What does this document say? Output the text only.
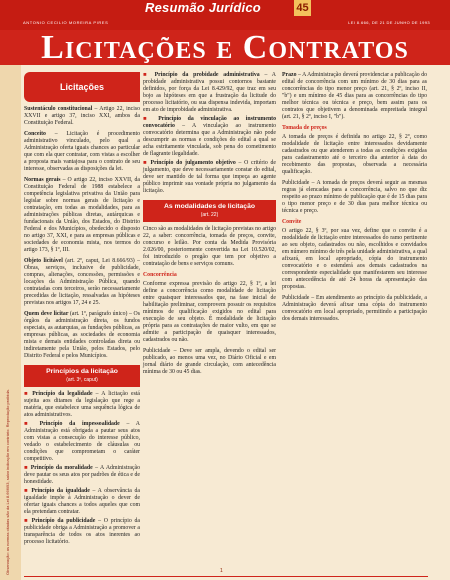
Resumão Jurídico	45
ANTONIO CECILIO MOREIRA PIRES	LEI 8.666, DE 21 DE JUNHO DE 1993
Licitações e Contratos
Observação: as normas citadas são da Lei 8.666/93, salvo indicação em contrário. Reprodução proibida.
Licitações
Sustentáculo constitucional – Artigo 22, inciso XXVII e artigo 37, inciso XXI, ambos da Constituição Federal.
Conceito – Licitação é procedimento administrativo vinculado, pelo qual a Administração oferta iguais chances ao particular que com ela quer contratar, com vistas a escolher a proposta mais vantajosa para o contrato de seu interesse, observadas as disposições da lei.
Normas gerais – O artigo 22, inciso XXVII, da Constituição Federal de 1988 estabelece a competência legislativa privativa da União para legislar sobre normas gerais de licitação e contratação, em todas as modalidades, para as administrações públicas diretas, autárquicas e fundacionais da União, dos Estados, do Distrito Federal e dos Municípios, obedecido o disposto no artigo 37, XXI, e para as empresas públicas e sociedades de economia mista, nos termos do artigo 173, § 1º, III.
Objeto licitável (art. 2º, caput, Lei 8.666/93) – Obras, serviços, inclusive de publicidade, compras, alienações, concessões, permissões e locações da Administração Pública, quando contratadas com terceiros, serão necessariamente precedidas de licitação, ressalvadas as hipóteses previstas nos artigos 17, 24 e 25.
Quem deve licitar (art. 1º, parágrafo único) – Os órgãos da administração direta, os fundos especiais, as autarquias, as fundações públicas, as empresas públicas, as sociedades de economia mista e demais entidades controladas direta ou indiretamente pela União, pelos Estados, pelo Distrito Federal e pelos Municípios.
Princípios da licitação
(art. 3º, caput)
■ Princípio da legalidade – A licitação está sujeita aos ditames da legislação que rege a matéria, que estabelece uma sequência lógica de atos administrativos.
■ Princípio da impessoalidade – A Administração está obrigada a pautar seus atos com vistas a consecução do interesse público, vedado o estabelecimento de cláusulas ou condições que comprometam o caráter competitivo.
■ Princípio da moralidade – A Administração deve pautar os seus atos por padrões de ética e de honestidade.
■ Princípio da igualdade – A observância da igualdade impõe à Administração o dever de ofertar iguais chances a todos aqueles que com ela pretendam contratar.
■ Princípio da publicidade – O princípio da publicidade obriga a Administração a promover a transparência de todos os atos inerentes ao processo licitatório.
■ Princípio da probidade administrativa – A probidade administrativa possui contornos bastante definidos, por força da Lei 8.429/92, que traz em seu bojo as hipóteses em que a frustração da licitude do processo licitatório, ou sua dispensa indevida, importam em ato de improbidade administrativa.
■ Princípio da vinculação ao instrumento convocatório – A vinculação ao instrumento convocatório determina que a Administração não pode descumprir as normas e condições do edital a qual se acha estritamente vinculada, sob pena do cometimento de flagrante ilegalidade.
■ Princípio do julgamento objetivo – O critério de julgamento, que deve necessariamente constar do edital, deve ser mantido de tal forma que impeça ao agente público imprimir sua vontade própria no julgamento da licitação.
As modalidades de licitação
(art. 22)
Cinco são as modalidades de licitação previstas no artigo 22, a saber: concorrência, tomada de preços, convite, concurso e leilão. Por conta da Medida Provisória 2.026/00, posteriormente convertida na Lei 10.520/02, foi introduzido o pregão que tem por objetivo a contratação de bens e serviços comuns.
Concorrência
Conforme expressa previsão do artigo 22, § 1º, a lei define a concorrência como modalidade de licitação entre quaisquer interessados que, na fase inicial de habilitação preliminar, comprovem possuir os requisitos mínimos de qualificação exigidos no edital para execução de seu objeto. É modalidade de licitação própria para as contratações de maior vulto, em que se admite a participação de quaisquer interessados, cadastrados ou não.
Publicidade – Deve ser ampla, devendo o edital ser publicado, ao menos uma vez, no Diário Oficial e em jornal diário de grande circulação, com antecedência mínima de 30 ou 45 dias.
Prazo – A Administração deverá providenciar a publicação do edital de concorrência com um mínimo de 30 dias para as concorrências do tipo menor preço (art. 21, § 2º, inciso II, "b") e um mínimo de 45 dias para as concorrências do tipo melhor técnica ou técnica e preço, bem assim para os contratos que objetivem a denominada empreitada integral (art. 21, § 2º, inciso I, "b").
Tomada de preços
A tomada de preços é definida no artigo 22, § 2º, como modalidade de licitação entre interessados devidamente cadastrados ou que atenderem a todas as condições exigidas para cadastramento até o terceiro dia anterior à data do recebimento das propostas, observada a necessária qualificação.
Publicidade – A tomada de preços deverá seguir as mesmas regras já elencadas para a concorrência, salvo no que diz respeito ao prazo mínimo de publicação que é de 15 dias para o tipo menor preço e de 30 dias para melhor técnica ou técnica e preço.
Convite
O artigo 22, § 3º, por sua vez, define que o convite é a modalidade de licitação entre interessados do ramo pertinente ao seu objeto, cadastrados ou não, escolhidos e convidados em número mínimo de três pela unidade administrativa, a qual afixará, em local apropriado, cópia do instrumento convocatório e o estenderá aos demais cadastrados na correspondente especialidade que manifestarem seu interesse com antecedência de até 24 horas da apresentação das propostas.
Publicidade – Em atendimento ao princípio da publicidade, a Administração deverá afixar uma cópia do instrumento convocatório em local apropriado, permitindo a participação dos demais interessados.
1
